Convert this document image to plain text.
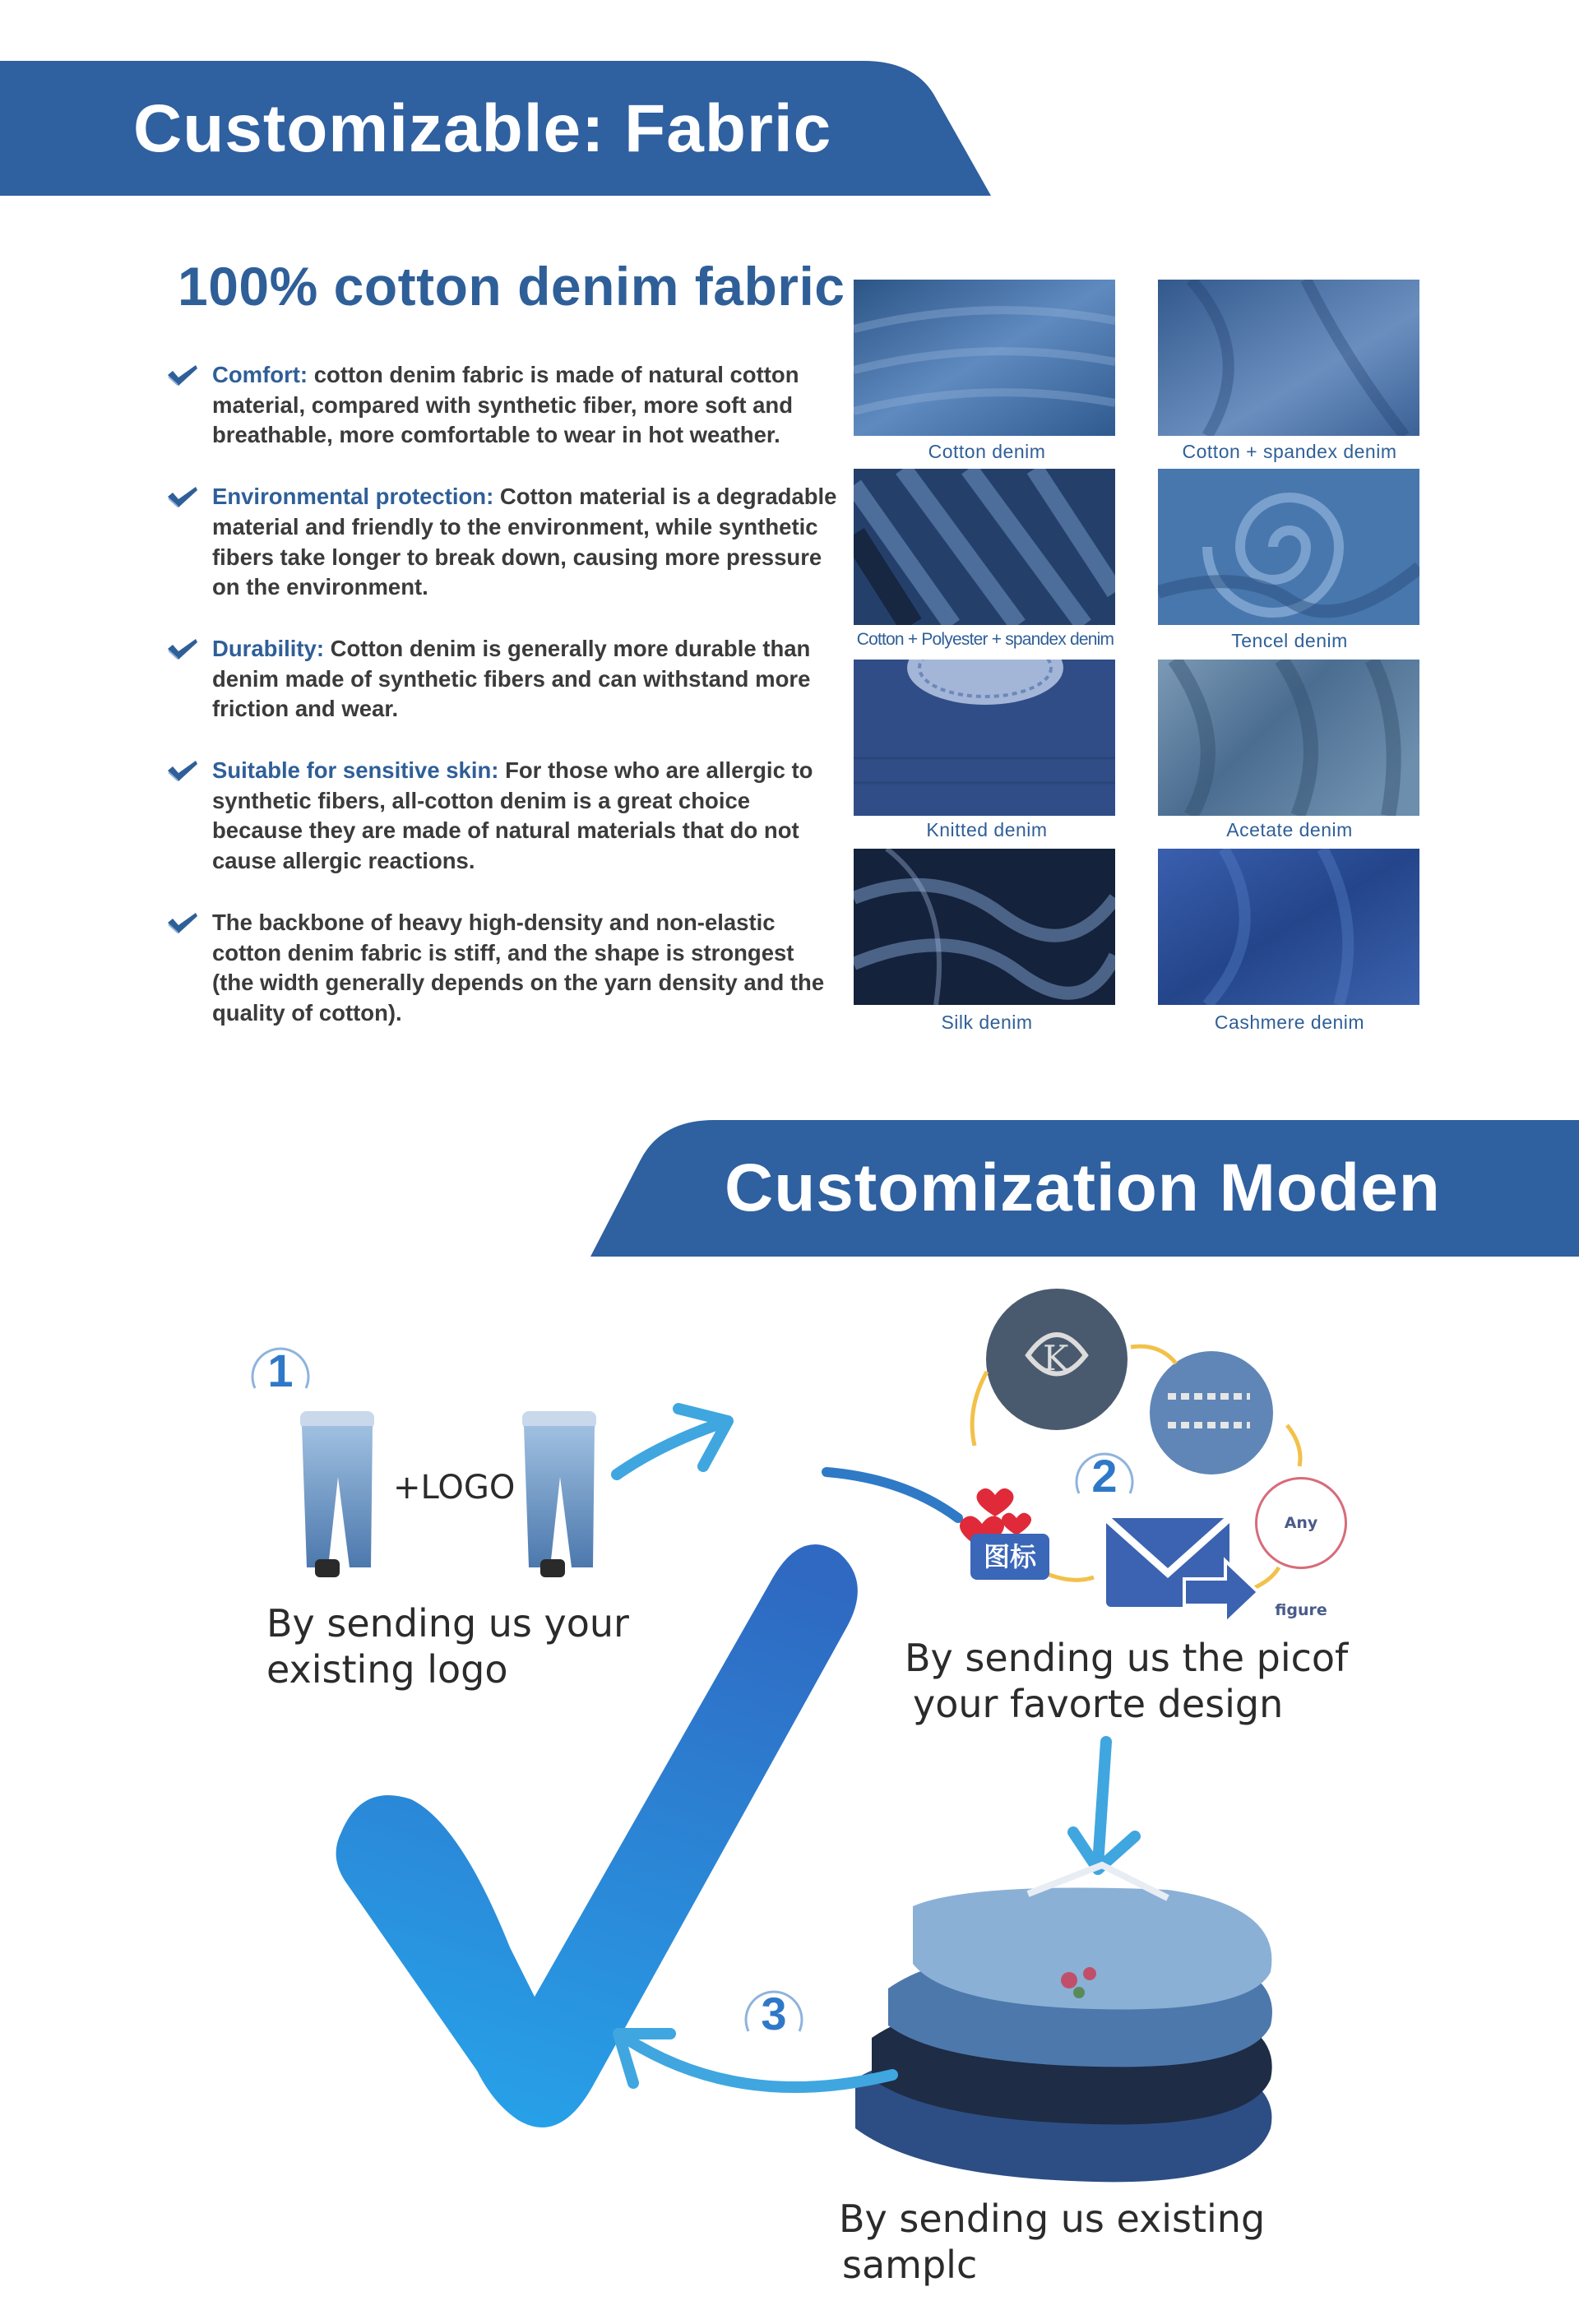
Customizable: Fabric
100% cotton denim fabric
Comfort: cotton denim fabric is made of natural cotton material, compared with synthetic fiber, more soft and breathable, more comfortable to wear in hot weather.
Environmental protection: Cotton material is a degradable material and friendly to the environment, while synthetic fibers take longer to break down, causing more pressure on the environment.
Durability: Cotton denim is generally more durable than denim made of synthetic fibers and can withstand more friction and wear.
Suitable for sensitive skin: For those who are allergic to synthetic fibers, all-cotton denim is a great choice because they are made of natural materials that do not cause allergic reactions.
The backbone of heavy high-density and non-elastic cotton denim fabric is stiff, and the shape is strongest (the width generally depends on the yarn density and the quality of cotton).
Cotton denim	Cotton + spandex denim
Cotton + Polyester + spandex denim	Tencel denim
Knitted denim	Acetate denim
Silk denim	Cashmere denim
Customization Moden
K
1
2
3
+LOGO
By sending us your
existing logo
图标
Any figure
By sending us the picof
your favorte design
By sending us existing
samplc
